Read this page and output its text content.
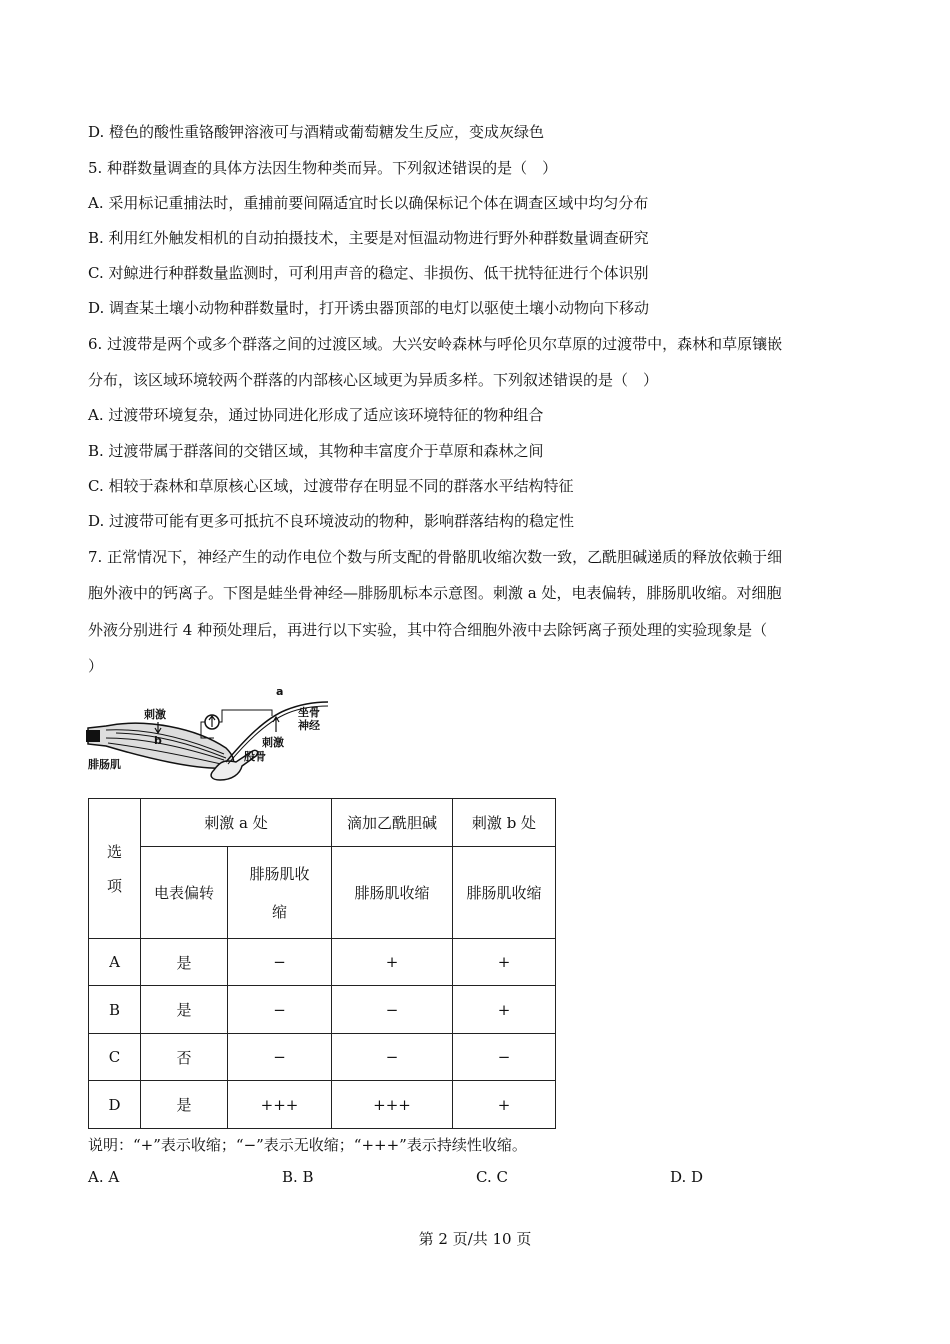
D. 橙色的酸性重铬酸钾溶液可与酒精或葡萄糖发生反应，变成灰绿色
5. 种群数量调查的具体方法因生物种类而异。下列叙述错误的是（　）
A. 采用标记重捕法时，重捕前要间隔适宜时长以确保标记个体在调查区域中均匀分布
B. 利用红外触发相机的自动拍摄技术，主要是对恒温动物进行野外种群数量调查研究
C. 对鲸进行种群数量监测时，可利用声音的稳定、非损伤、低干扰特征进行个体识别
D. 调查某土壤小动物种群数量时，打开诱虫器顶部的电灯以驱使土壤小动物向下移动
6. 过渡带是两个或多个群落之间的过渡区域。大兴安岭森林与呼伦贝尔草原的过渡带中，森林和草原镶嵌
分布，该区域环境较两个群落的内部核心区域更为异质多样。下列叙述错误的是（　）
A. 过渡带环境复杂，通过协同进化形成了适应该环境特征的物种组合
B. 过渡带属于群落间的交错区域，其物种丰富度介于草原和森林之间
C. 相较于森林和草原核心区域，过渡带存在明显不同的群落水平结构特征
D. 过渡带可能有更多可抵抗不良环境波动的物种，影响群落结构的稳定性
7. 正常情况下，神经产生的动作电位个数与所支配的骨骼肌收缩次数一致，乙酰胆碱递质的释放依赖于细
胞外液中的钙离子。下图是蛙坐骨神经—腓肠肌标本示意图。刺激 a 处，电表偏转，腓肠肌收缩。对细胞
外液分别进行 4 种预处理后，再进行以下实验，其中符合细胞外液中去除钙离子预处理的实验现象是（
）
a
b	刺激
刺激	坐骨
神经
股骨
腓肠肌
选项	刺激 a 处		滴加乙酰胆碱	刺激 b 处
	电表偏转	腓肠肌收缩	腓肠肌收缩	腓肠肌收缩
A	是	−	+	+
B	是	−	−	+
C	否	−	−	−
D	是	+++	+++	+
说明：“+”表示收缩；“−”表示无收缩；“+++”表示持续性收缩。
A. A	B. B	C. C	D. D
第 2 页/共 10 页
